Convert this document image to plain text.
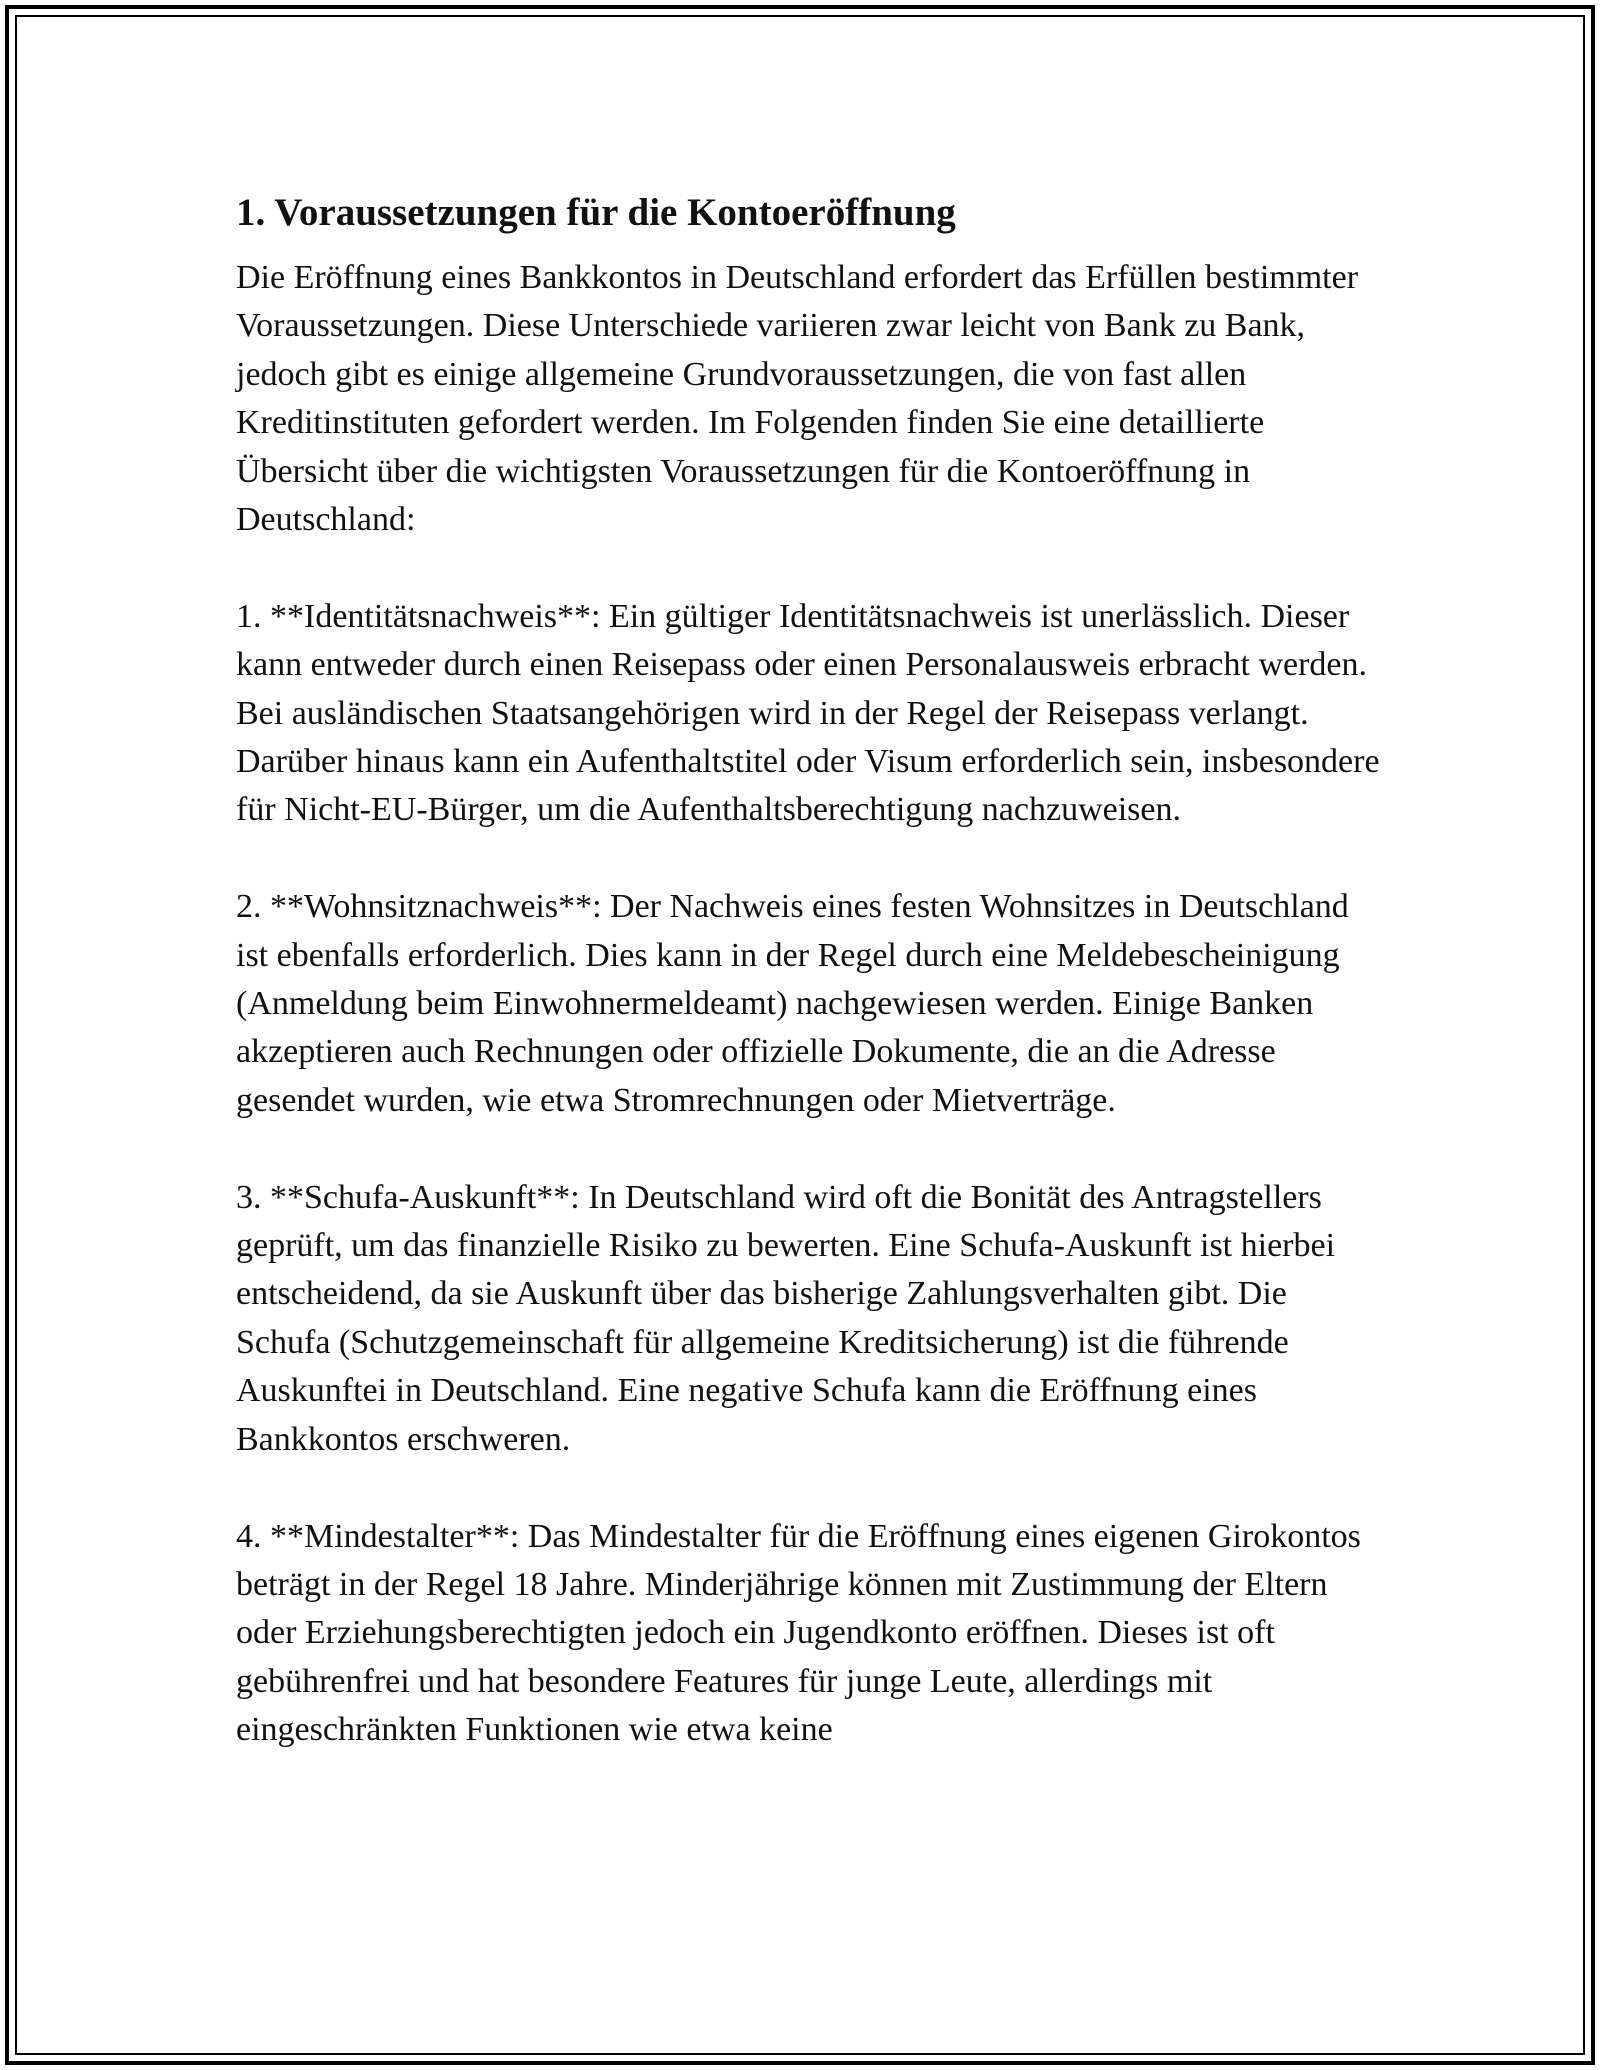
1. Voraussetzungen für die Kontoeröffnung

Die Eröffnung eines Bankkontos in Deutschland erfordert das Erfüllen bestimmter Voraussetzungen. Diese Unterschiede variieren zwar leicht von Bank zu Bank, jedoch gibt es einige allgemeine Grundvoraussetzungen, die von fast allen Kreditinstituten gefordert werden. Im Folgenden finden Sie eine detaillierte Übersicht über die wichtigsten Voraussetzungen für die Kontoeröffnung in Deutschland:

1. **Identitätsnachweis**: Ein gültiger Identitätsnachweis ist unerlässlich. Dieser kann entweder durch einen Reisepass oder einen Personalausweis erbracht werden. Bei ausländischen Staatsangehörigen wird in der Regel der Reisepass verlangt. Darüber hinaus kann ein Aufenthaltstitel oder Visum erforderlich sein, insbesondere für Nicht-EU-Bürger, um die Aufenthaltsberechtigung nachzuweisen.

2. **Wohnsitznachweis**: Der Nachweis eines festen Wohnsitzes in Deutschland ist ebenfalls erforderlich. Dies kann in der Regel durch eine Meldebescheinigung (Anmeldung beim Einwohnermeldeamt) nachgewiesen werden. Einige Banken akzeptieren auch Rechnungen oder offizielle Dokumente, die an die Adresse gesendet wurden, wie etwa Stromrechnungen oder Mietverträge.

3. **Schufa-Auskunft**: In Deutschland wird oft die Bonität des Antragstellers geprüft, um das finanzielle Risiko zu bewerten. Eine Schufa-Auskunft ist hierbei entscheidend, da sie Auskunft über das bisherige Zahlungsverhalten gibt. Die Schufa (Schutzgemeinschaft für allgemeine Kreditsicherung) ist die führende Auskunftei in Deutschland. Eine negative Schufa kann die Eröffnung eines Bankkontos erschweren.

4. **Mindestalter**: Das Mindestalter für die Eröffnung eines eigenen Girokontos beträgt in der Regel 18 Jahre. Minderjährige können mit Zustimmung der Eltern oder Erziehungsberechtigten jedoch ein Jugendkonto eröffnen. Dieses ist oft gebührenfrei und hat besondere Features für junge Leute, allerdings mit eingeschränkten Funktionen wie etwa keine
